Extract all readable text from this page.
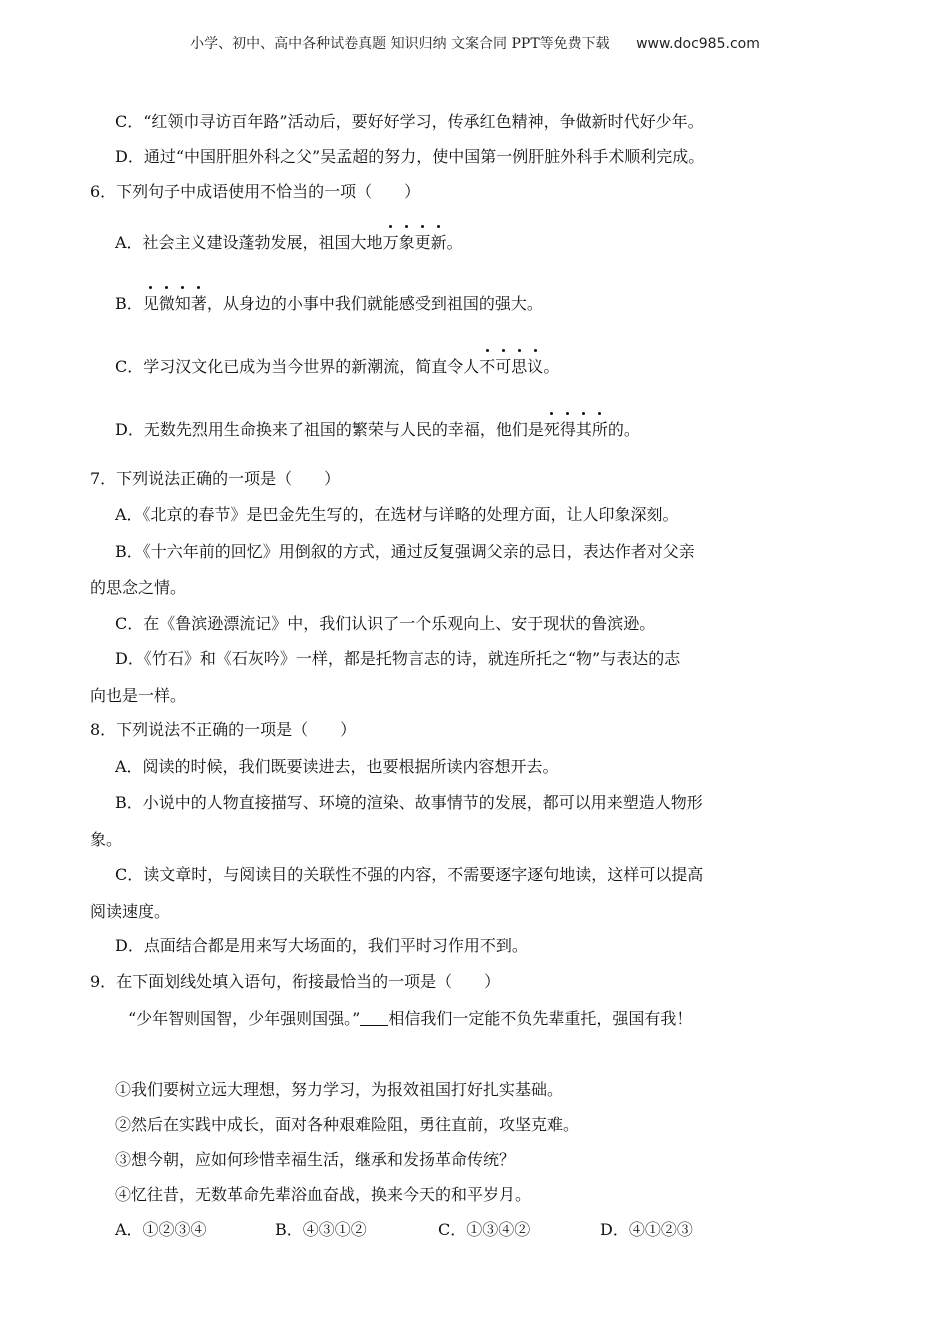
小学、初中、高中各种试卷真题 知识归纳 文案合同 PPT等免费下载 www.doc985.com
C．“红领巾寻访百年路”活动后，要好好学习，传承红色精神，争做新时代好少年。
D．通过“中国肝胆外科之父”吴孟超的努力，使中国第一例肝脏外科手术顺利完成。
6．下列句子中成语使用不恰当的一项（　　）
A．社会主义建设蓬勃发展，祖国大地万象更新。
B．见微知著，从身边的小事中我们就能感受到祖国的强大。
C．学习汉文化已成为当今世界的新潮流，简直令人不可思议。
D．无数先烈用生命换来了祖国的繁荣与人民的幸福，他们是死得其所的。
7．下列说法正确的一项是（　　）
A．《北京的春节》是巴金先生写的，在选材与详略的处理方面，让人印象深刻。
B．《十六年前的回忆》用倒叙的方式，通过反复强调父亲的忌日，表达作者对父亲
的思念之情。
C．在《鲁滨逊漂流记》中，我们认识了一个乐观向上、安于现状的鲁滨逊。
D．《竹石》和《石灰吟》一样，都是托物言志的诗，就连所托之“物”与表达的志
向也是一样。
8．下列说法不正确的一项是（　　）
A．阅读的时候，我们既要读进去，也要根据所读内容想开去。
B．小说中的人物直接描写、环境的渲染、故事情节的发展，都可以用来塑造人物形
象。
C．读文章时，与阅读目的关联性不强的内容，不需要逐字逐句地读，这样可以提高
阅读速度。
D．点面结合都是用来写大场面的，我们平时习作用不到。
9．在下面划线处填入语句，衔接最恰当的一项是（　　）
“少年智则国智，少年强则国强。” 相信我们一定能不负先辈重托，强国有我！
①我们要树立远大理想，努力学习，为报效祖国打好扎实基础。
②然后在实践中成长，面对各种艰难险阻，勇往直前，攻坚克难。
③想今朝，应如何珍惜幸福生活，继承和发扬革命传统？
④忆往昔，无数革命先辈浴血奋战，换来今天的和平岁月。
A．①②③④	B．④③①②	C．①③④②	D．④①②③
